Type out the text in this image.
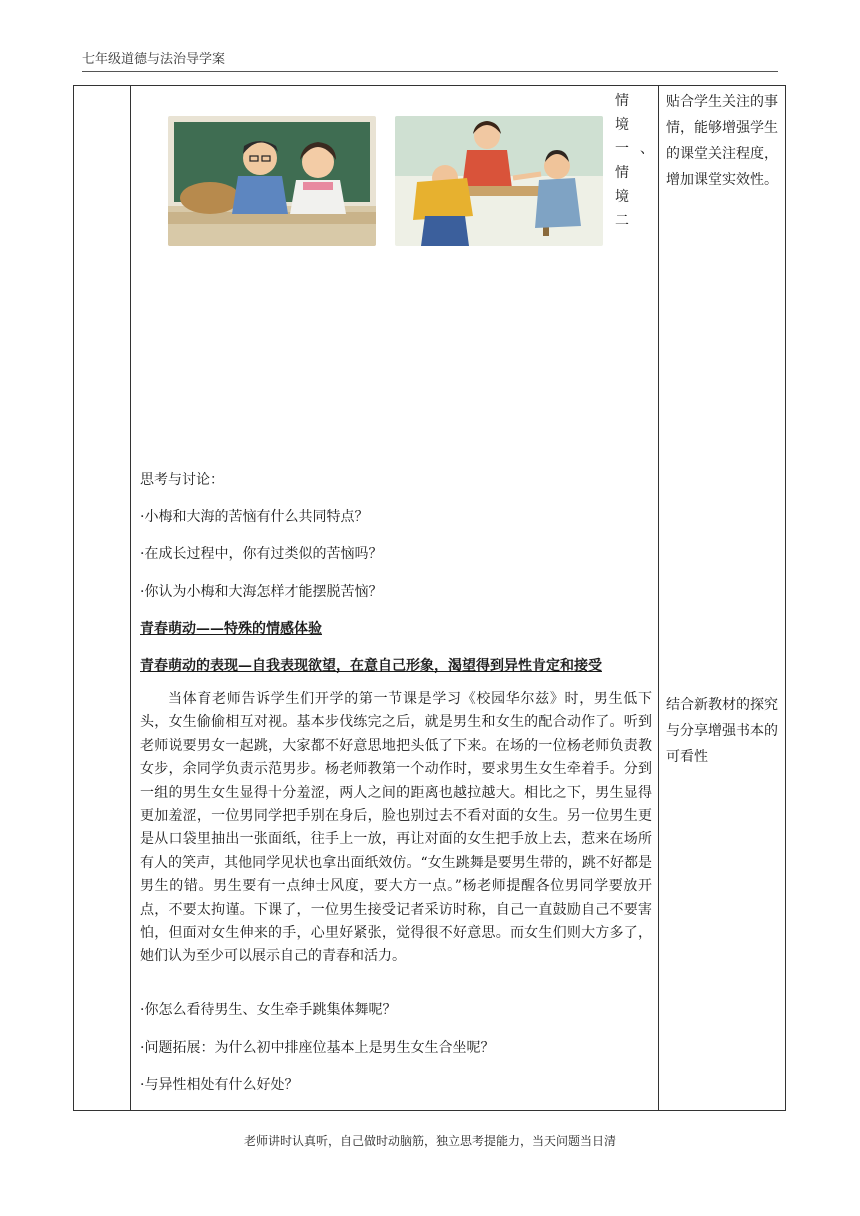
七年级道德与法治导学案
情境一、情境二
贴合学生关注的事情，能够增强学生的课堂关注程度，增加课堂实效性。
结合新教材的探究与分享增强书本的可看性
思考与讨论：
·小梅和大海的苦恼有什么共同特点？
·在成长过程中，你有过类似的苦恼吗？
·你认为小梅和大海怎样才能摆脱苦恼？
青春萌动——特殊的情感体验
青春萌动的表现—自我表现欲望，在意自己形象，渴望得到异性肯定和接受
当体育老师告诉学生们开学的第一节课是学习《校园华尔兹》时，男生低下头，女生偷偷相互对视。基本步伐练完之后，就是男生和女生的配合动作了。听到老师说要男女一起跳，大家都不好意思地把头低了下来。在场的一位杨老师负责教女步，余同学负责示范男步。杨老师教第一个动作时，要求男生女生牵着手。分到一组的男生女生显得十分羞涩，两人之间的距离也越拉越大。相比之下，男生显得更加羞涩，一位男同学把手别在身后，脸也别过去不看对面的女生。另一位男生更是从口袋里抽出一张面纸，往手上一放，再让对面的女生把手放上去，惹来在场所有人的笑声，其他同学见状也拿出面纸效仿。“女生跳舞是要男生带的，跳不好都是男生的错。男生要有一点绅士风度，要大方一点。”杨老师提醒各位男同学要放开点，不要太拘谨。下课了，一位男生接受记者采访时称，自己一直鼓励自己不要害怕，但面对女生伸来的手，心里好紧张，觉得很不好意思。而女生们则大方多了，她们认为至少可以展示自己的青春和活力。
·你怎么看待男生、女生牵手跳集体舞呢？
·问题拓展：为什么初中排座位基本上是男生女生合坐呢？
·与异性相处有什么好处？
老师讲时认真听，自己做时动脑筋，独立思考提能力，当天问题当日清
